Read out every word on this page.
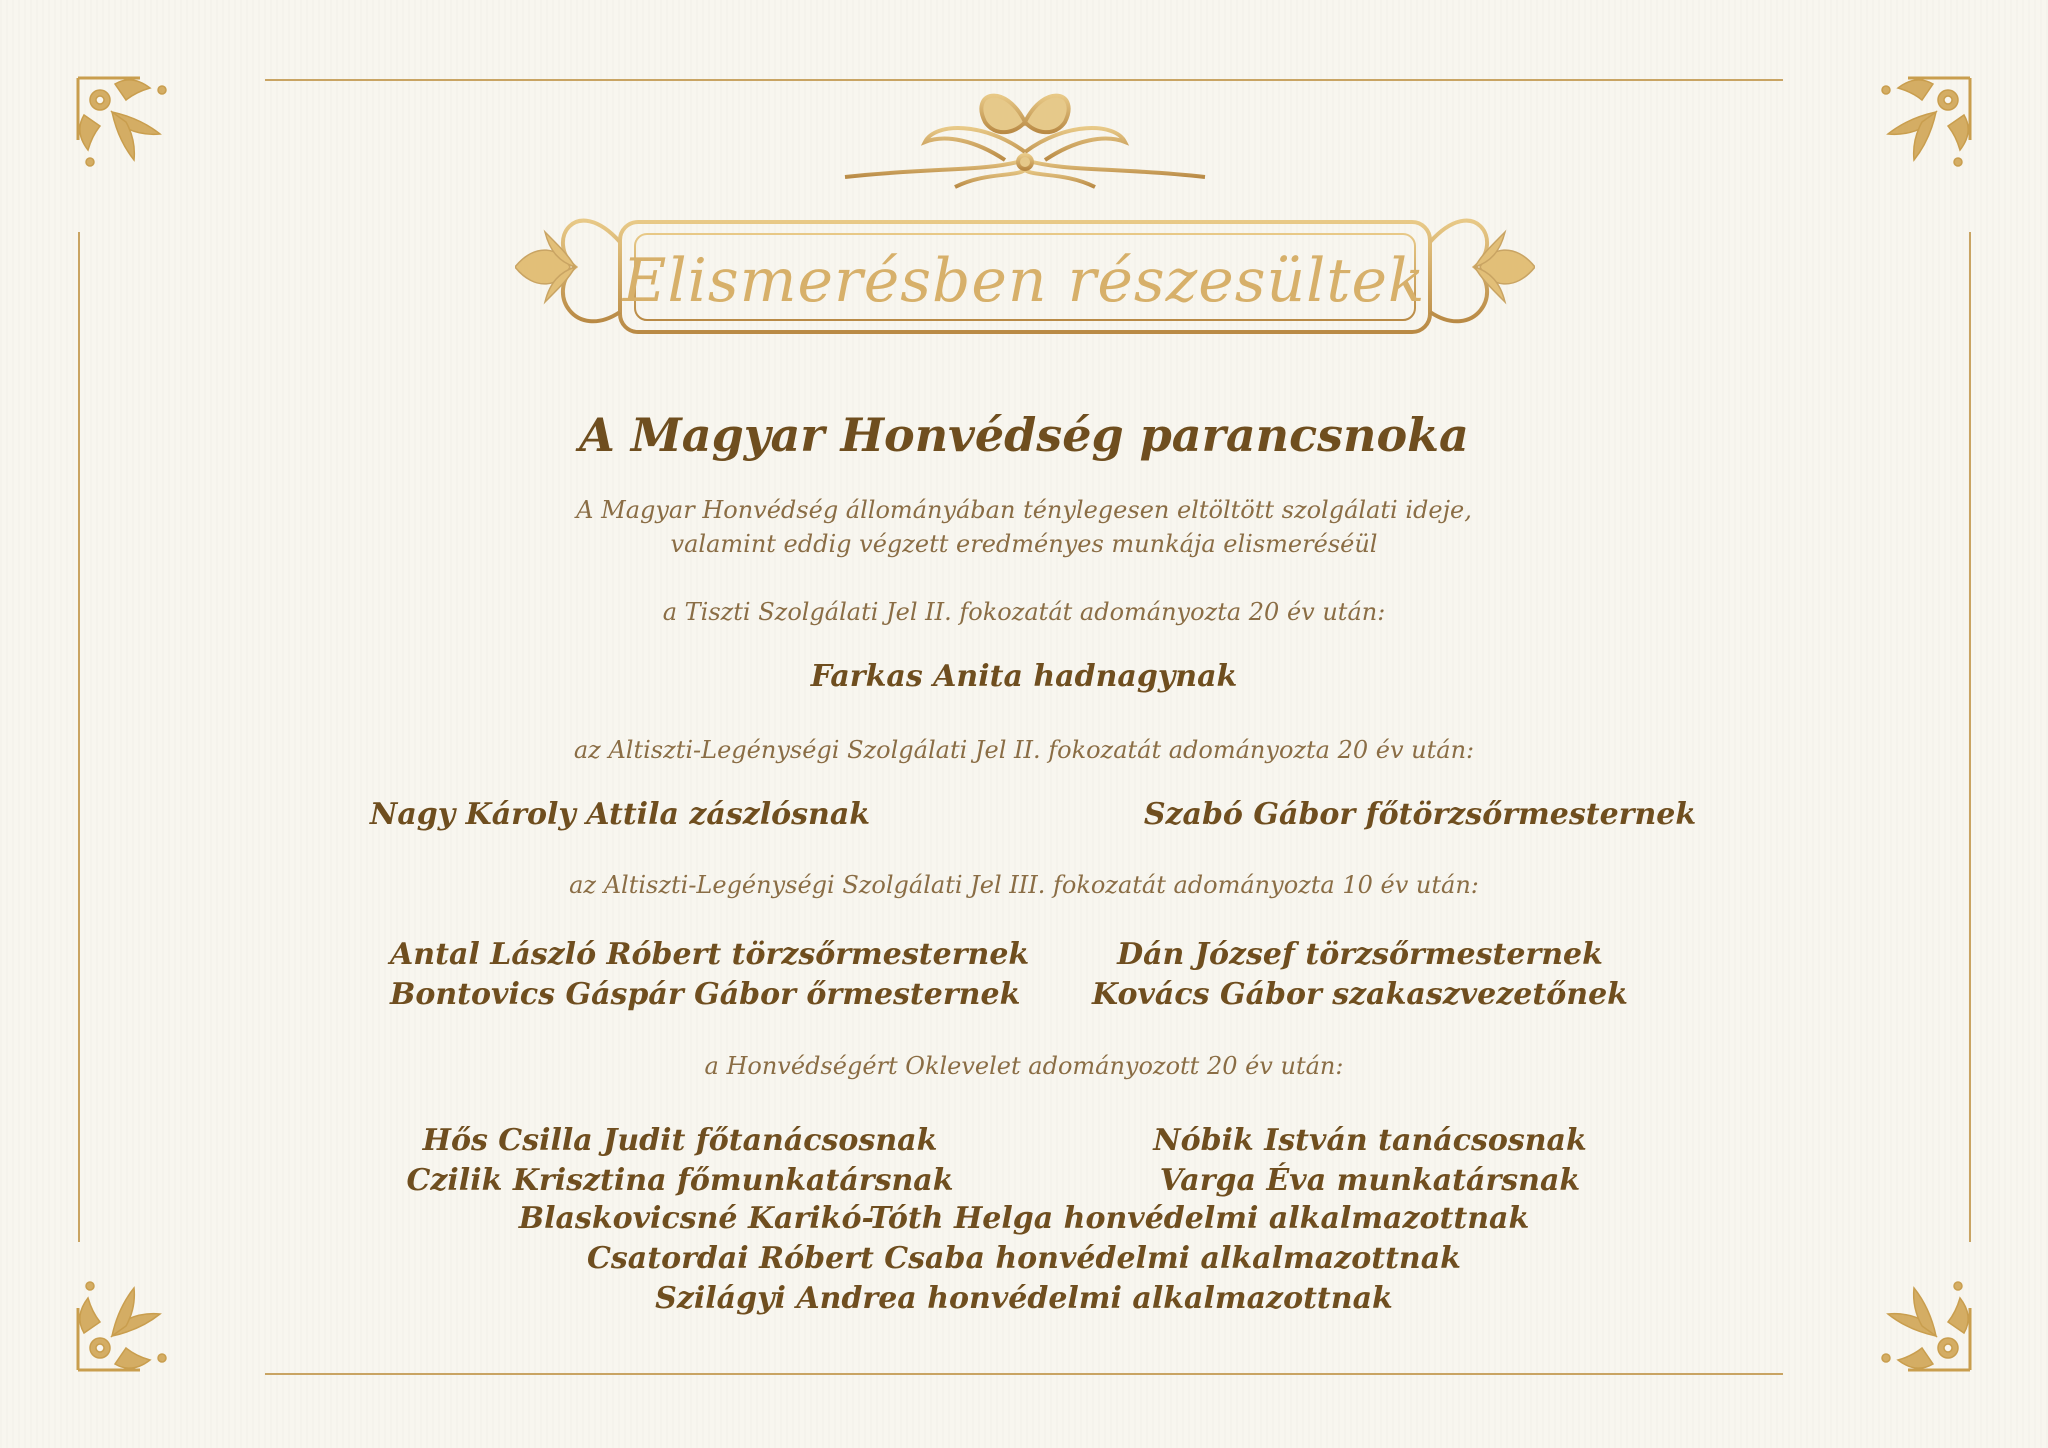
Elismerésben részesültek
A Magyar Honvédség parancsnoka
A Magyar Honvédség állományában ténylegesen eltöltött szolgálati ideje,
valamint eddig végzett eredményes munkája elismeréséül
a Tiszti Szolgálati Jel II. fokozatát adományozta 20 év után:
Farkas Anita hadnagynak
az Altiszti-Legénységi Szolgálati Jel II. fokozatát adományozta 20 év után:
Nagy Károly Attila zászlósnak	Szabó Gábor főtörzsőrmesternek
az Altiszti-Legénységi Szolgálati Jel III. fokozatát adományozta 10 év után:
Antal László Róbert törzsőrmesternek
Bontovics Gáspár Gábor őrmesternek
Dán József törzsőrmesternek
Kovács Gábor szakaszvezetőnek
a Honvédségért Oklevelet adományozott 20 év után:
Hős Csilla Judit főtanácsosnak
Czilik Krisztina főmunkatársnak
Nóbik István tanácsosnak
Varga Éva munkatársnak
Blaskovicsné Karikó-Tóth Helga honvédelmi alkalmazottnak
Csatordai Róbert Csaba honvédelmi alkalmazottnak
Szilágyi Andrea honvédelmi alkalmazottnak
